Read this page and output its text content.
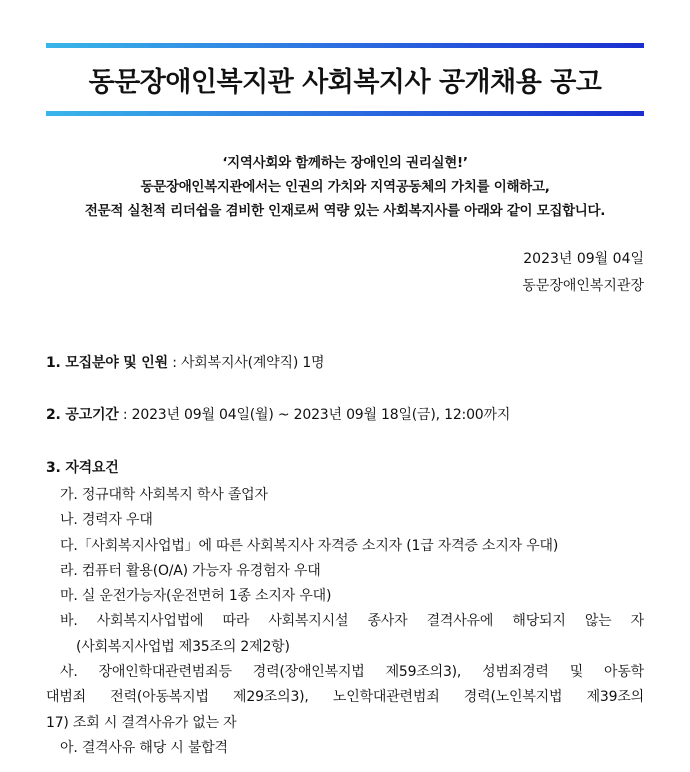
동문장애인복지관 사회복지사 공개채용 공고
‘지역사회와 함께하는 장애인의 권리실현!’
동문장애인복지관에서는 인권의 가치와 지역공동체의 가치를 이해하고,
전문적 실천적 리더쉽을 겸비한 인재로써 역량 있는 사회복지사를 아래와 같이 모집합니다.
2023년 09월 04일
동문장애인복지관장
1. 모집분야 및 인원 : 사회복지사(계약직) 1명
2. 공고기간 : 2023년 09월 04일(월) ~ 2023년 09월 18일(금), 12:00까지
3. 자격요건
가. 정규대학 사회복지 학사 졸업자
나. 경력자 우대
다.「사회복지사업법」에 따른 사회복지사 자격증 소지자 (1급 자격증 소지자 우대)
라. 컴퓨터 활용(O/A) 가능자 유경험자 우대
마. 실 운전가능자(운전면허 1종 소지자 우대)
바. 사회복지사업법에 따라 사회복지시설 종사자 결격사유에 해당되지 않는 자
(사회복지사업법 제35조의 2제2항)
사. 장애인학대관련범죄등 경력(장애인복지법 제59조의3), 성범죄경력 및 아동학
대범죄 전력(아동복지법 제29조의3), 노인학대관련범죄 경력(노인복지법 제39조의
17) 조회 시 결격사유가 없는 자
아. 결격사유 해당 시 불합격
